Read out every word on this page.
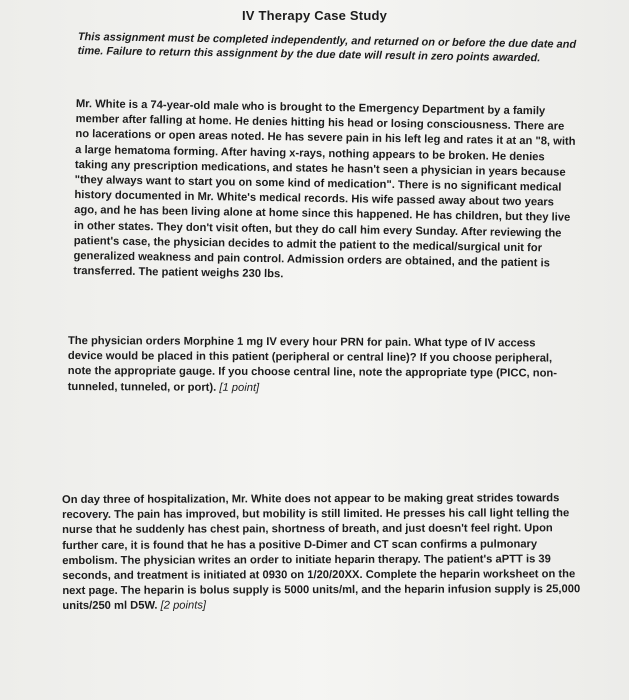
IV Therapy Case Study
This assignment must be completed independently, and returned on or before the due date and time. Failure to return this assignment by the due date will result in zero points awarded.
Mr. White is a 74-year-old male who is brought to the Emergency Department by a family member after falling at home. He denies hitting his head or losing consciousness. There are no lacerations or open areas noted. He has severe pain in his left leg and rates it at an "8, with a large hematoma forming. After having x-rays, nothing appears to be broken. He denies taking any prescription medications, and states he hasn't seen a physician in years because "they always want to start you on some kind of medication". There is no significant medical history documented in Mr. White's medical records. His wife passed away about two years ago, and he has been living alone at home since this happened. He has children, but they live in other states. They don't visit often, but they do call him every Sunday. After reviewing the patient's case, the physician decides to admit the patient to the medical/surgical unit for generalized weakness and pain control. Admission orders are obtained, and the patient is transferred. The patient weighs 230 lbs.
The physician orders Morphine 1 mg IV every hour PRN for pain. What type of IV access device would be placed in this patient (peripheral or central line)? If you choose peripheral, note the appropriate gauge. If you choose central line, note the appropriate type (PICC, non-tunneled, tunneled, or port). [1 point]
On day three of hospitalization, Mr. White does not appear to be making great strides towards recovery. The pain has improved, but mobility is still limited. He presses his call light telling the nurse that he suddenly has chest pain, shortness of breath, and just doesn't feel right. Upon further care, it is found that he has a positive D-Dimer and CT scan confirms a pulmonary embolism. The physician writes an order to initiate heparin therapy. The patient's aPTT is 39 seconds, and treatment is initiated at 0930 on 1/20/20XX. Complete the heparin worksheet on the next page. The heparin is bolus supply is 5000 units/ml, and the heparin infusion supply is 25,000 units/250 ml D5W. [2 points]
